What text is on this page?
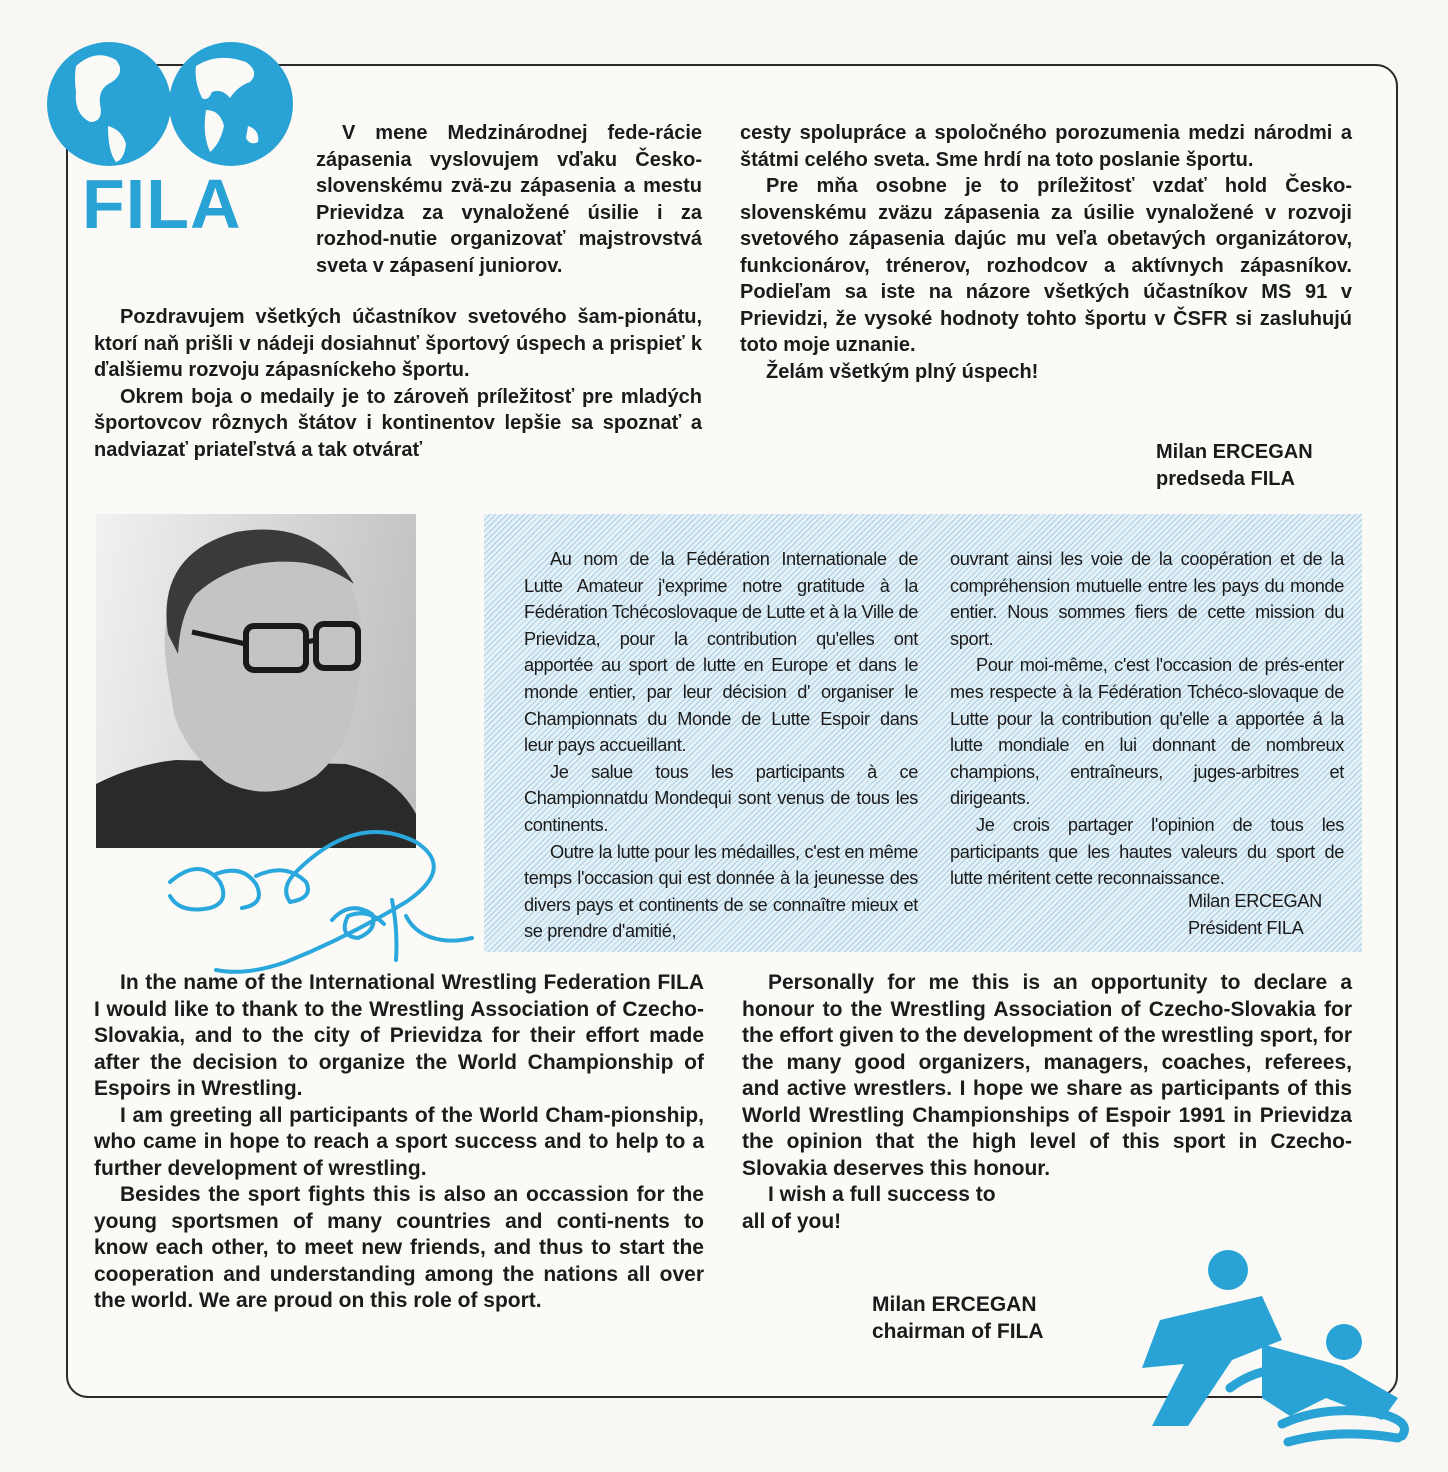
FILA

V mene Medzinárodnej fede-rácie zápasenia vyslovujem vďaku Česko-slovenskému zvä-zu zápasenia a mestu Prievidza za vynaložené úsilie i za rozhod-nutie organizovať majstrovstvá sveta v zápasení juniorov.

Pozdravujem všetkých účastníkov svetového šam-pionátu, ktorí naň prišli v nádeji dosiahnuť športový úspech a prispieť k ďalšiemu rozvoju zápasníckeho športu.

Okrem boja o medaily je to zároveň príležitosť pre mladých športovcov rôznych štátov i kontinentov lepšie sa spoznať a nadviazať priateľstvá a tak otvárať

cesty spolupráce a spoločného porozumenia medzi národmi a štátmi celého sveta. Sme hrdí na toto poslanie športu.

Pre mňa osobne je to príležitosť vzdať hold Česko-slovenskému zväzu zápasenia za úsilie vynaložené v rozvoji svetového zápasenia dajúc mu veľa obetavých organizátorov, funkcionárov, trénerov, rozhodcov a aktívnych zápasníkov. Podieľam sa iste na názore všetkých účastníkov MS 91 v Prievidzi, že vysoké hodnoty tohto športu v ČSFR si zasluhujú toto moje uznanie.

Želám všetkým plný úspech!

Milan ERCEGAN

predseda FILA

Au nom de la Fédération Internationale de Lutte Amateur j'exprime notre gratitude à la Fédération Tchécoslovaque de Lutte et à la Ville de Prievidza, pour la contribution qu'elles ont apportée au sport de lutte en Europe et dans le monde entier, par leur décision d' organiser le Championnats du Monde de Lutte Espoir dans leur pays accueillant.

Je salue tous les participants à ce Championnatdu Mondequi sont venus de tous les continents.

Outre la lutte pour les médailles, c'est en même temps l'occasion qui est donnée à la jeunesse des divers pays et continents de se connaître mieux et se prendre d'amitié,

ouvrant ainsi les voie de la coopération et de la compréhension mutuelle entre les pays du monde entier. Nous sommes fiers de cette mission du sport.

Pour moi-même, c'est l'occasion de prés-enter mes respecte à la Fédération Tchéco-slovaque de Lutte pour la contribution qu'elle a apportée á la lutte mondiale en lui donnant de nombreux champions, entraîneurs, juges-arbitres et dirigeants.

Je crois partager l'opinion de tous les participants que les hautes valeurs du sport de lutte méritent cette reconnaissance.

Milan ERCEGAN

Président FILA

In the name of the International Wrestling Federation FILA I would like to thank to the Wrestling Association of Czecho-Slovakia, and to the city of Prievidza for their effort made after the decision to organize the World Championship of Espoirs in Wrestling.

I am greeting all participants of the World Cham-pionship, who came in hope to reach a sport success and to help to a further development of wrestling.

Besides the sport fights this is also an occassion for the young sportsmen of many countries and conti-nents to know each other, to meet new friends, and thus to start the cooperation and understanding among the nations all over the world. We are proud on this role of sport.

Personally for me this is an opportunity to declare a honour to the Wrestling Association of Czecho-Slovakia for the effort given to the development of the wrestling sport, for the many good organizers, managers, coaches, referees, and active wrestlers. I hope we share as participants of this World Wrestling Championships of Espoir 1991 in Prievidza the opinion that the high level of this sport in Czecho-Slovakia deserves this honour.

I wish a full success to

all of you!

Milan ERCEGAN

chairman of FILA
